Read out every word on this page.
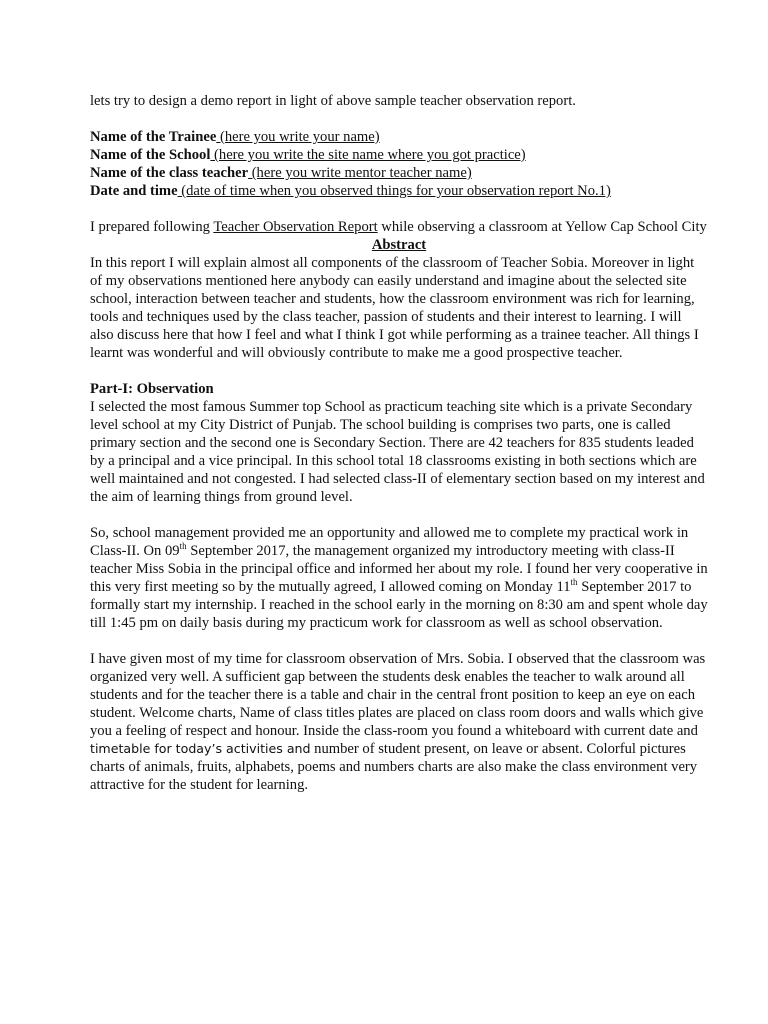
lets try to design a demo report in light of above sample teacher observation report.

Name of the Trainee (here you write your name)

Name of the School (here you write the site name where you got practice)

Name of the class teacher (here you write mentor teacher name)

Date and time (date of time when you observed things for your observation report No.1)

I prepared following Teacher Observation Report while observing a classroom at Yellow Cap School City

Abstract

In this report I will explain almost all components of the classroom of Teacher Sobia. Moreover in light of my observations mentioned here anybody can easily understand and imagine about the selected site school, interaction between teacher and students, how the classroom environment was rich for learning, tools and techniques used by the class teacher, passion of students and their interest to learning. I will also discuss here that how I feel and what I think I got while performing as a trainee teacher. All things I learnt was wonderful and will obviously contribute to make me a good prospective teacher.

Part-I: Observation

I selected the most famous Summer top School as practicum teaching site which is a private Secondary level school at my City District of Punjab. The school building is comprises two parts, one is called primary section and the second one is Secondary Section. There are 42 teachers for 835 students leaded by a principal and a vice principal. In this school total 18 classrooms existing in both sections which are well maintained and not congested. I had selected class-II of elementary section based on my interest and the aim of learning things from ground level.

So, school management provided me an opportunity and allowed me to complete my practical work in Class-II. On 09th September 2017, the management organized my introductory meeting with class-II teacher Miss Sobia in the principal office and informed her about my role. I found her very cooperative in this very first meeting so by the mutually agreed, I allowed coming on Monday 11th September 2017 to formally start my internship. I reached in the school early in the morning on 8:30 am and spent whole day till 1:45 pm on daily basis during my practicum work for classroom as well as school observation.

I have given most of my time for classroom observation of Mrs. Sobia. I observed that the classroom was organized very well. A sufficient gap between the students desk enables the teacher to walk around all students and for the teacher there is a table and chair in the central front position to keep an eye on each student. Welcome charts, Name of class titles plates are placed on class room doors and walls which give you a feeling of respect and honour. Inside the class-room you found a whiteboard with current date and timetable for today’s activities and number of student present, on leave or absent. Colorful pictures charts of animals, fruits, alphabets, poems and numbers charts are also make the class environment very attractive for the student for learning.
